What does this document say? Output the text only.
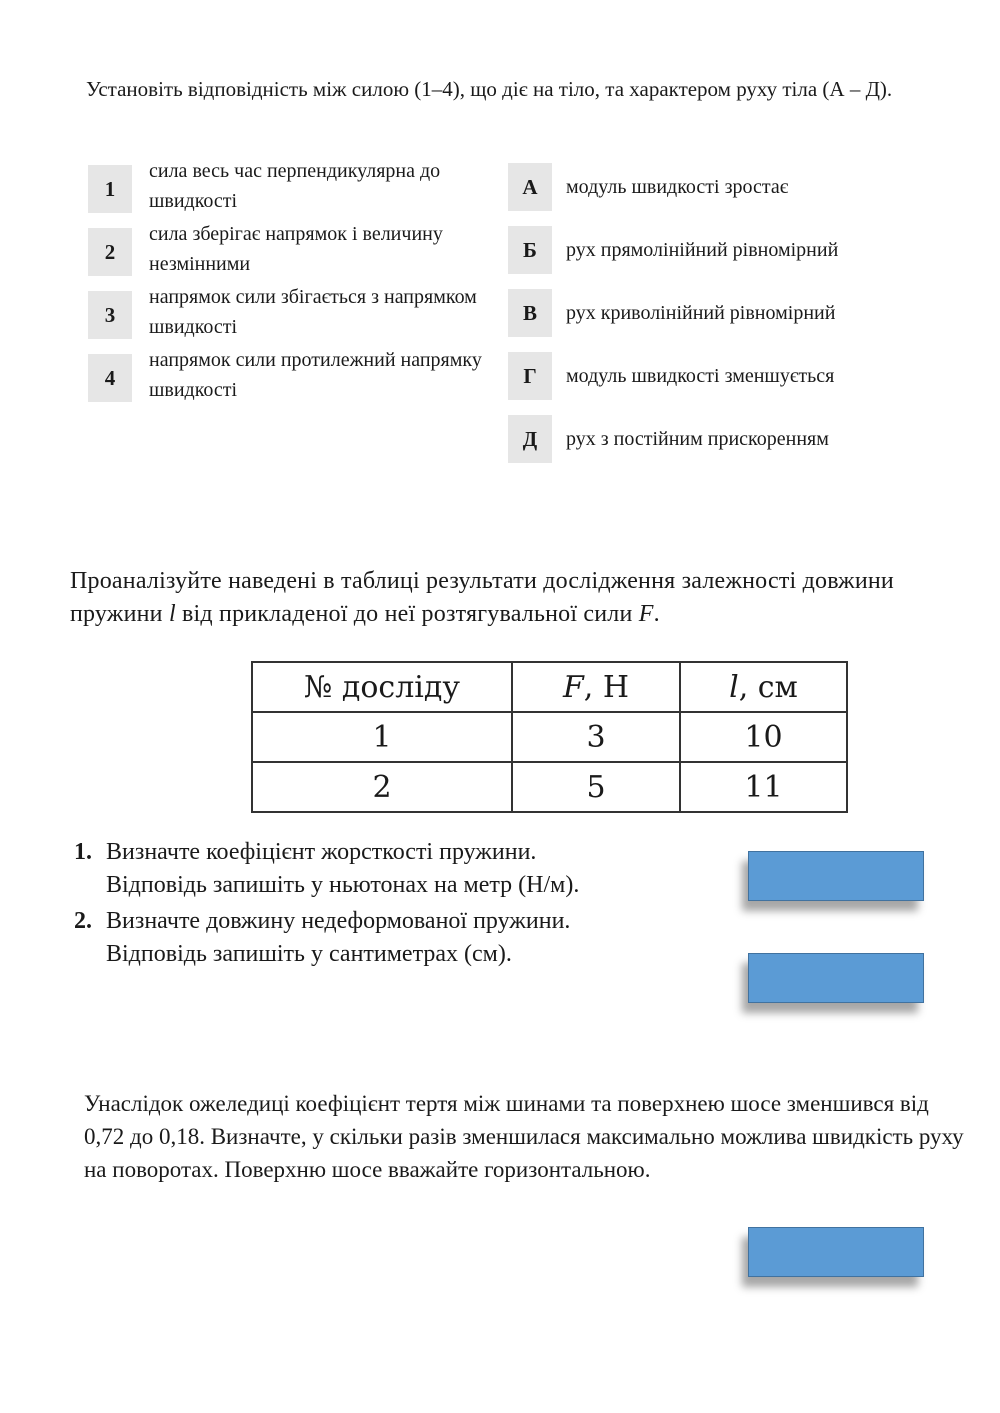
Установіть відповідність між силою (1–4), що діє на тіло, та характером руху тіла (А – Д).
1
сила весь час перпендикулярна до швидкості
2
сила зберігає напрямок і величину незмінними
3
напрямок сили збігається з напрямком швидкості
4
напрямок сили протилежний напрямку швидкості
А	модуль швидкості зростає
Б	рух прямолінійний рівномірний
В	рух криволінійний рівномірний
Г	модуль швидкості зменшується
Д	рух з постійним прискоренням
Проаналізуйте наведені в таблиці результати дослідження залежності довжини пружини l від прикладеної до неї розтягувальної сили F.
№ досліду	F, Н	l, см
1	3	10
2	5	11
1. Визначте коефіцієнт жорсткості пружини.
Відповідь запишіть у ньютонах на метр (Н/м).
2. Визначте довжину недеформованої пружини.
Відповідь запишіть у сантиметрах (см).
Унаслідок ожеледиці коефіцієнт тертя між шинами та поверхнею шосе зменшився від 0,72 до 0,18. Визначте, у скільки разів зменшилася максимально можлива швидкість руху на поворотах. Поверхню шосе вважайте горизонтальною.
